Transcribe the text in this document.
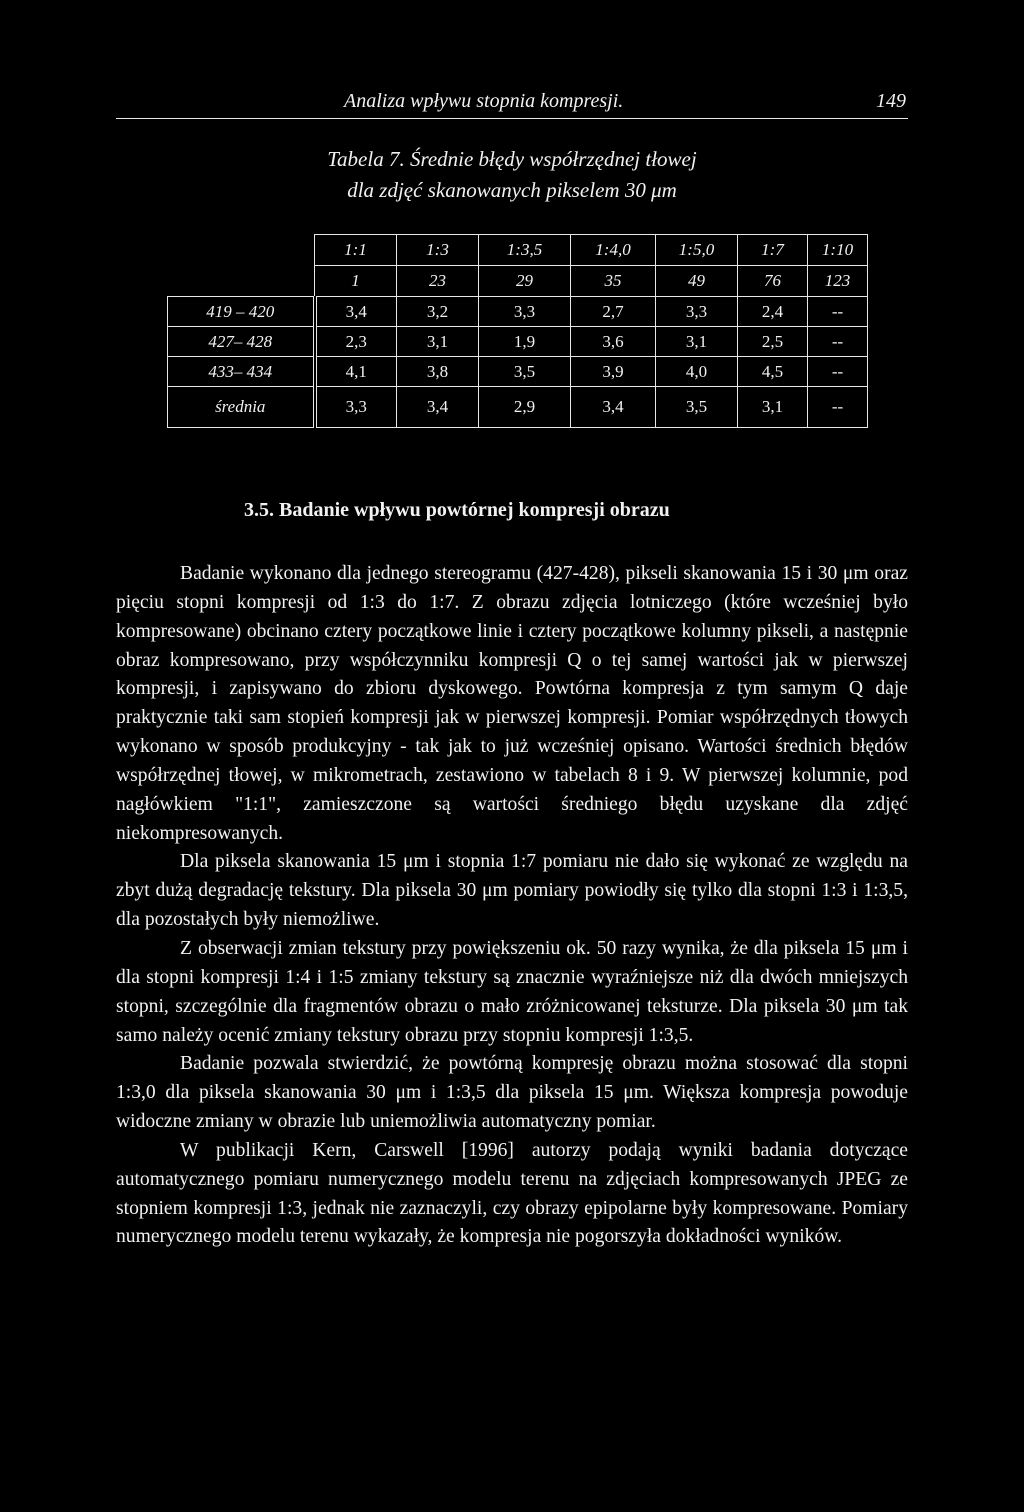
Analiza wpływu stopnia kompresji.	149
Tabela 7. Średnie błędy współrzędnej tłowej
dla zdjęć skanowanych pikselem 30 μm
	1:1	1:3	1:3,5	1:4,0	1:5,0	1:7	1:10
	1	23	29	35	49	76	123
419 – 420	3,4	3,2	3,3	2,7	3,3	2,4	--
427– 428	2,3	3,1	1,9	3,6	3,1	2,5	--
433– 434	4,1	3,8	3,5	3,9	4,0	4,5	--
średnia	3,3	3,4	2,9	3,4	3,5	3,1	--
3.5. Badanie wpływu powtórnej kompresji obrazu

Badanie wykonano dla jednego stereogramu (427-428), pikseli skanowania 15 i 30 μm oraz pięciu stopni kompresji od 1:3 do 1:7. Z obrazu zdjęcia lotniczego (które wcześniej było kompresowane) obcinano cztery początkowe linie i cztery początkowe kolumny pikseli, a następnie obraz kompresowano, przy współczynniku kompresji Q o tej samej wartości jak w pierwszej kompresji, i zapisywano do zbioru dyskowego. Powtórna kompresja z tym samym Q daje praktycznie taki sam stopień kompresji jak w pierwszej kompresji. Pomiar współrzędnych tłowych wykonano w sposób produkcyjny - tak jak to już wcześniej opisano. Wartości średnich błędów współrzędnej tłowej, w mikrometrach, zestawiono w tabelach 8 i 9. W pierwszej kolumnie, pod nagłówkiem "1:1", zamieszczone są wartości średniego błędu uzyskane dla zdjęć niekompresowanych.

Dla piksela skanowania 15 μm i stopnia 1:7 pomiaru nie dało się wykonać ze względu na zbyt dużą degradację tekstury. Dla piksela 30 μm pomiary powiodły się tylko dla stopni 1:3 i 1:3,5, dla pozostałych były niemożliwe.

Z obserwacji zmian tekstury przy powiększeniu ok. 50 razy wynika, że dla piksela 15 μm i dla stopni kompresji 1:4 i 1:5 zmiany tekstury są znacznie wyraźniejsze niż dla dwóch mniejszych stopni, szczególnie dla fragmentów obrazu o mało zróżnicowanej teksturze. Dla piksela 30 μm tak samo należy ocenić zmiany tekstury obrazu przy stopniu kompresji 1:3,5.

Badanie pozwala stwierdzić, że powtórną kompresję obrazu można stosować dla stopni 1:3,0 dla piksela skanowania 30 μm i 1:3,5 dla piksela 15 μm. Większa kompresja powoduje widoczne zmiany w obrazie lub uniemożliwia automatyczny pomiar.

W publikacji Kern, Carswell [1996] autorzy podają wyniki badania dotyczące automatycznego pomiaru numerycznego modelu terenu na zdjęciach kompresowanych JPEG ze stopniem kompresji 1:3, jednak nie zaznaczyli, czy obrazy epipolarne były kompresowane. Pomiary numerycznego modelu terenu wykazały, że kompresja nie pogorszyła dokładności wyników.
